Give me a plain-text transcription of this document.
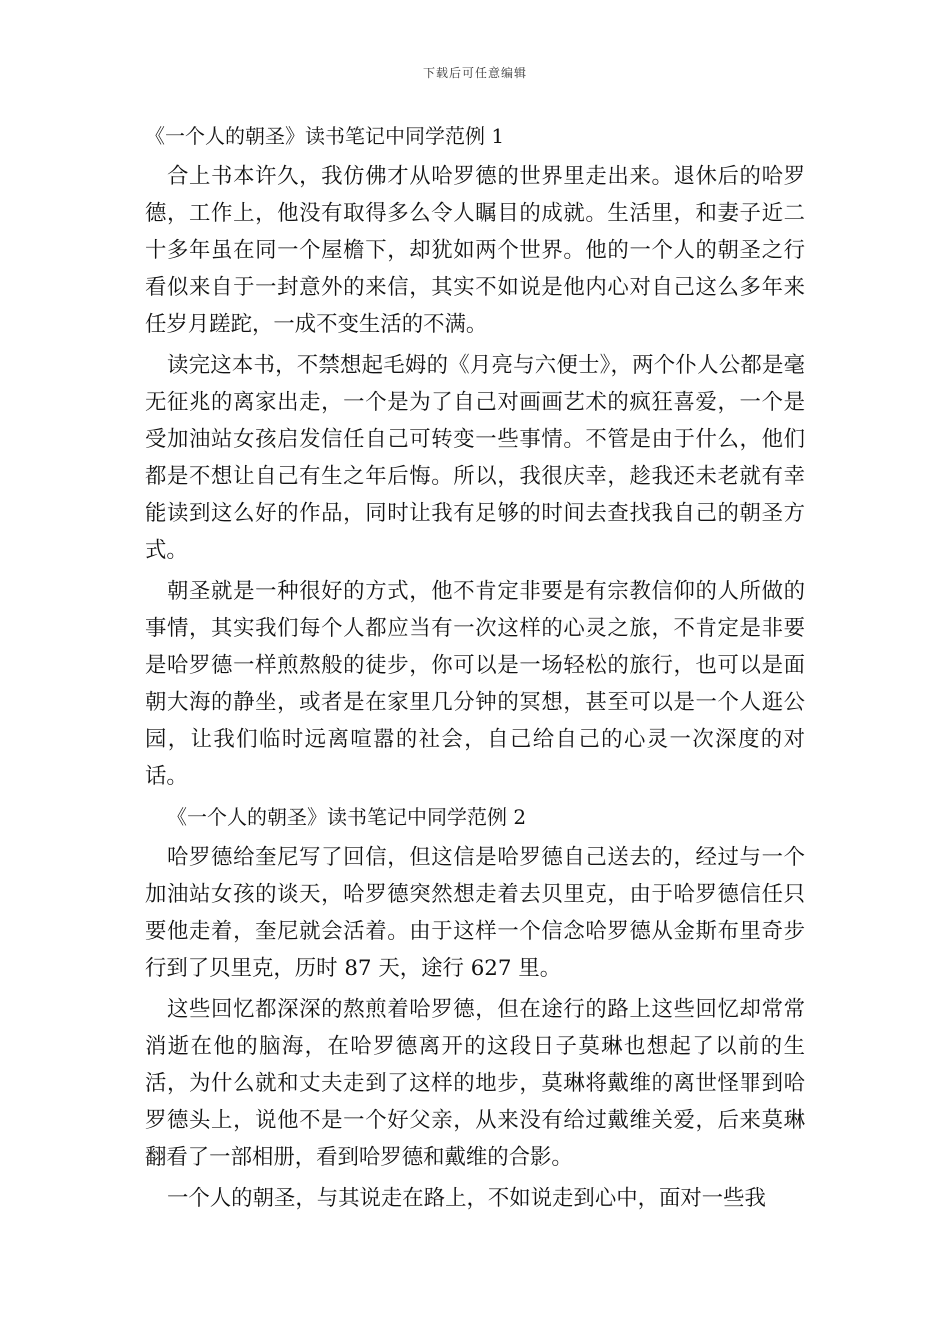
下载后可任意编辑
《一个人的朝圣》读书笔记中同学范例 1

合上书本许久，我仿佛才从哈罗德的世界里走出来。退休后的哈罗德，工作上，他没有取得多么令人瞩目的成就。生活里，和妻子近二十多年虽在同一个屋檐下，却犹如两个世界。他的一个人的朝圣之行看似来自于一封意外的来信，其实不如说是他内心对自己这么多年来任岁月蹉跎，一成不变生活的不满。

读完这本书，不禁想起毛姆的《月亮与六便士》，两个仆人公都是毫无征兆的离家出走，一个是为了自己对画画艺术的疯狂喜爱，一个是受加油站女孩启发信任自己可转变一些事情。不管是由于什么，他们都是不想让自己有生之年后悔。所以，我很庆幸，趁我还未老就有幸能读到这么好的作品，同时让我有足够的时间去查找我自己的朝圣方式。

朝圣就是一种很好的方式，他不肯定非要是有宗教信仰的人所做的事情，其实我们每个人都应当有一次这样的心灵之旅，不肯定是非要是哈罗德一样煎熬般的徒步，你可以是一场轻松的旅行，也可以是面朝大海的静坐，或者是在家里几分钟的冥想，甚至可以是一个人逛公园，让我们临时远离喧嚣的社会，自己给自己的心灵一次深度的对话。

《一个人的朝圣》读书笔记中同学范例 2

哈罗德给奎尼写了回信，但这信是哈罗德自己送去的，经过与一个加油站女孩的谈天，哈罗德突然想走着去贝里克，由于哈罗德信任只要他走着，奎尼就会活着。由于这样一个信念哈罗德从金斯布里奇步行到了贝里克，历时 87 天，途行 627 里。

这些回忆都深深的熬煎着哈罗德，但在途行的路上这些回忆却常常消逝在他的脑海，在哈罗德离开的这段日子莫琳也想起了以前的生活，为什么就和丈夫走到了这样的地步，莫琳将戴维的离世怪罪到哈罗德头上，说他不是一个好父亲，从来没有给过戴维关爱，后来莫琳翻看了一部相册，看到哈罗德和戴维的合影。

一个人的朝圣，与其说走在路上，不如说走到心中，面对一些我
